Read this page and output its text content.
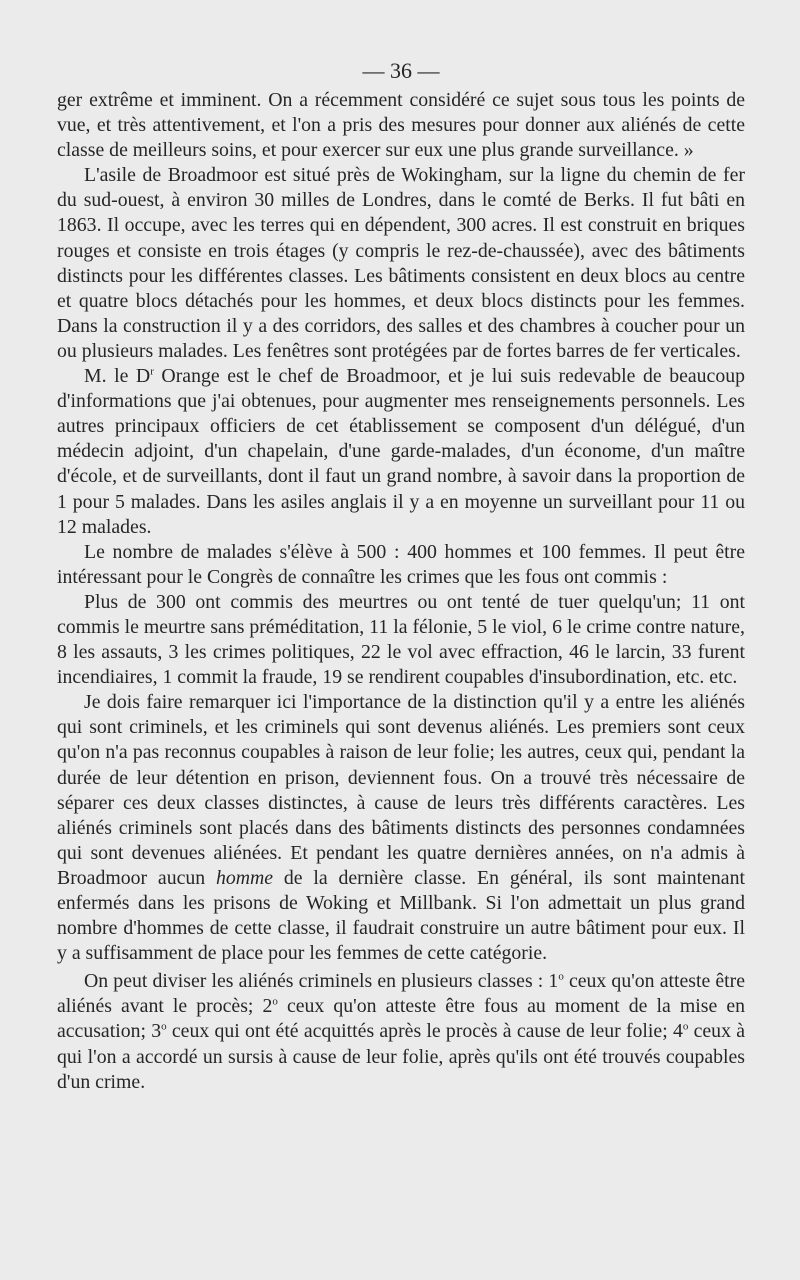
— 36 —

ger extrême et imminent. On a récemment considéré ce sujet sous tous les points de vue, et très attentivement, et l'on a pris des mesures pour donner aux aliénés de cette classe de meilleurs soins, et pour exercer sur eux une plus grande surveillance. »

L'asile de Broadmoor est situé près de Wokingham, sur la ligne du chemin de fer du sud-ouest, à environ 30 milles de Londres, dans le comté de Berks. Il fut bâti en 1863. Il occupe, avec les terres qui en dépendent, 300 acres. Il est construit en briques rouges et consiste en trois étages (y compris le rez-de-chaussée), avec des bâtiments distincts pour les différentes classes. Les bâtiments consistent en deux blocs au centre et quatre blocs détachés pour les hommes, et deux blocs distincts pour les femmes. Dans la construction il y a des corridors, des salles et des chambres à coucher pour un ou plusieurs malades. Les fenêtres sont protégées par de fortes barres de fer verticales.

M. le $D^r$ Orange est le chef de Broadmoor, et je lui suis redevable de beaucoup d'informations que j'ai obtenues, pour augmenter mes renseignements personnels. Les autres principaux officiers de cet établissement se composent d'un délégué, d'un médecin adjoint, d'un chapelain, d'une garde-malades, d'un économe, d'un maître d'école, et de surveillants, dont il faut un grand nombre, à savoir dans la proportion de 1 pour 5 malades. Dans les asiles anglais il y a en moyenne un surveillant pour 11 ou 12 malades.

Le nombre de malades s'élève à 500 : 400 hommes et 100 femmes. Il peut être intéressant pour le Congrès de connaître les crimes que les fous ont commis :

Plus de 300 ont commis des meurtres ou ont tenté de tuer quelqu'un; 11 ont commis le meurtre sans préméditation, 11 la félonie, 5 le viol, 6 le crime contre nature, 8 les assauts, 3 les crimes politiques, 22 le vol avec effraction, 46 le larcin, 33 furent incendiaires, 1 commit la fraude, 19 se rendirent coupables d'insubordination, etc. etc.

Je dois faire remarquer ici l'importance de la distinction qu'il y a entre les aliénés qui sont criminels, et les criminels qui sont devenus aliénés. Les premiers sont ceux qu'on n'a pas reconnus coupables à raison de leur folie; les autres, ceux qui, pendant la durée de leur détention en prison, deviennent fous. On a trouvé très nécessaire de séparer ces deux classes distinctes, à cause de leurs très différents caractères. Les aliénés criminels sont placés dans des bâtiments distincts des personnes condamnées qui sont devenues aliénées. Et pendant les quatre dernières années, on n'a admis à Broadmoor aucun homme de la dernière classe. En général, ils sont maintenant enfermés dans les prisons de Woking et Millbank. Si l'on admettait un plus grand nombre d'hommes de cette classe, il faudrait construire un autre bâtiment pour eux. Il y a suffisamment de place pour les femmes de cette catégorie.

On peut diviser les aliénés criminels en plusieurs classes : 1$^o$ ceux qu'on atteste être aliénés avant le procès; 2$^o$ ceux qu'on atteste être fous au moment de la mise en accusation; 3$^o$ ceux qui ont été acquittés après le procès à cause de leur folie; 4$^o$ ceux à qui l'on a accordé un sursis à cause de leur folie, après qu'ils ont été trouvés coupables d'un crime.
